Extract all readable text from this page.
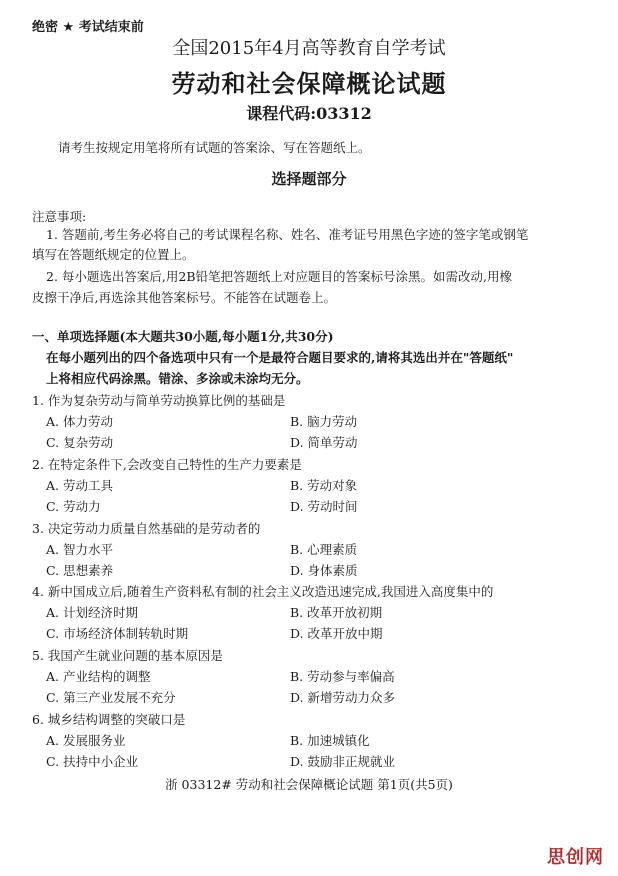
绝密 ★ 考试结束前
全国2015年4月高等教育自学考试
劳动和社会保障概论试题
课程代码:03312
请考生按规定用笔将所有试题的答案涂、写在答题纸上。
选择题部分
注意事项:
1. 答题前,考生务必将自己的考试课程名称、姓名、准考证号用黑色字迹的签字笔或钢笔
填写在答题纸规定的位置上。
2. 每小题选出答案后,用2B铅笔把答题纸上对应题目的答案标号涂黑。如需改动,用橡
皮擦干净后,再选涂其他答案标号。不能答在试题卷上。
一、单项选择题(本大题共30小题,每小题1分,共30分)
在每小题列出的四个备选项中只有一个是最符合题目要求的,请将其选出并在"答题纸"
上将相应代码涂黑。错涂、多涂或未涂均无分。
1. 作为复杂劳动与简单劳动换算比例的基础是
A. 体力劳动	B. 脑力劳动
C. 复杂劳动	D. 简单劳动
2. 在特定条件下,会改变自己特性的生产力要素是
A. 劳动工具	B. 劳动对象
C. 劳动力	D. 劳动时间
3. 决定劳动力质量自然基础的是劳动者的
A. 智力水平	B. 心理素质
C. 思想素养	D. 身体素质
4. 新中国成立后,随着生产资料私有制的社会主义改造迅速完成,我国进入高度集中的
A. 计划经济时期	B. 改革开放初期
C. 市场经济体制转轨时期	D. 改革开放中期
5. 我国产生就业问题的基本原因是
A. 产业结构的调整	B. 劳动参与率偏高
C. 第三产业发展不充分	D. 新增劳动力众多
6. 城乡结构调整的突破口是
A. 发展服务业	B. 加速城镇化
C. 扶持中小企业	D. 鼓励非正规就业
浙 03312# 劳动和社会保障概论试题 第1页(共5页)
思创网
